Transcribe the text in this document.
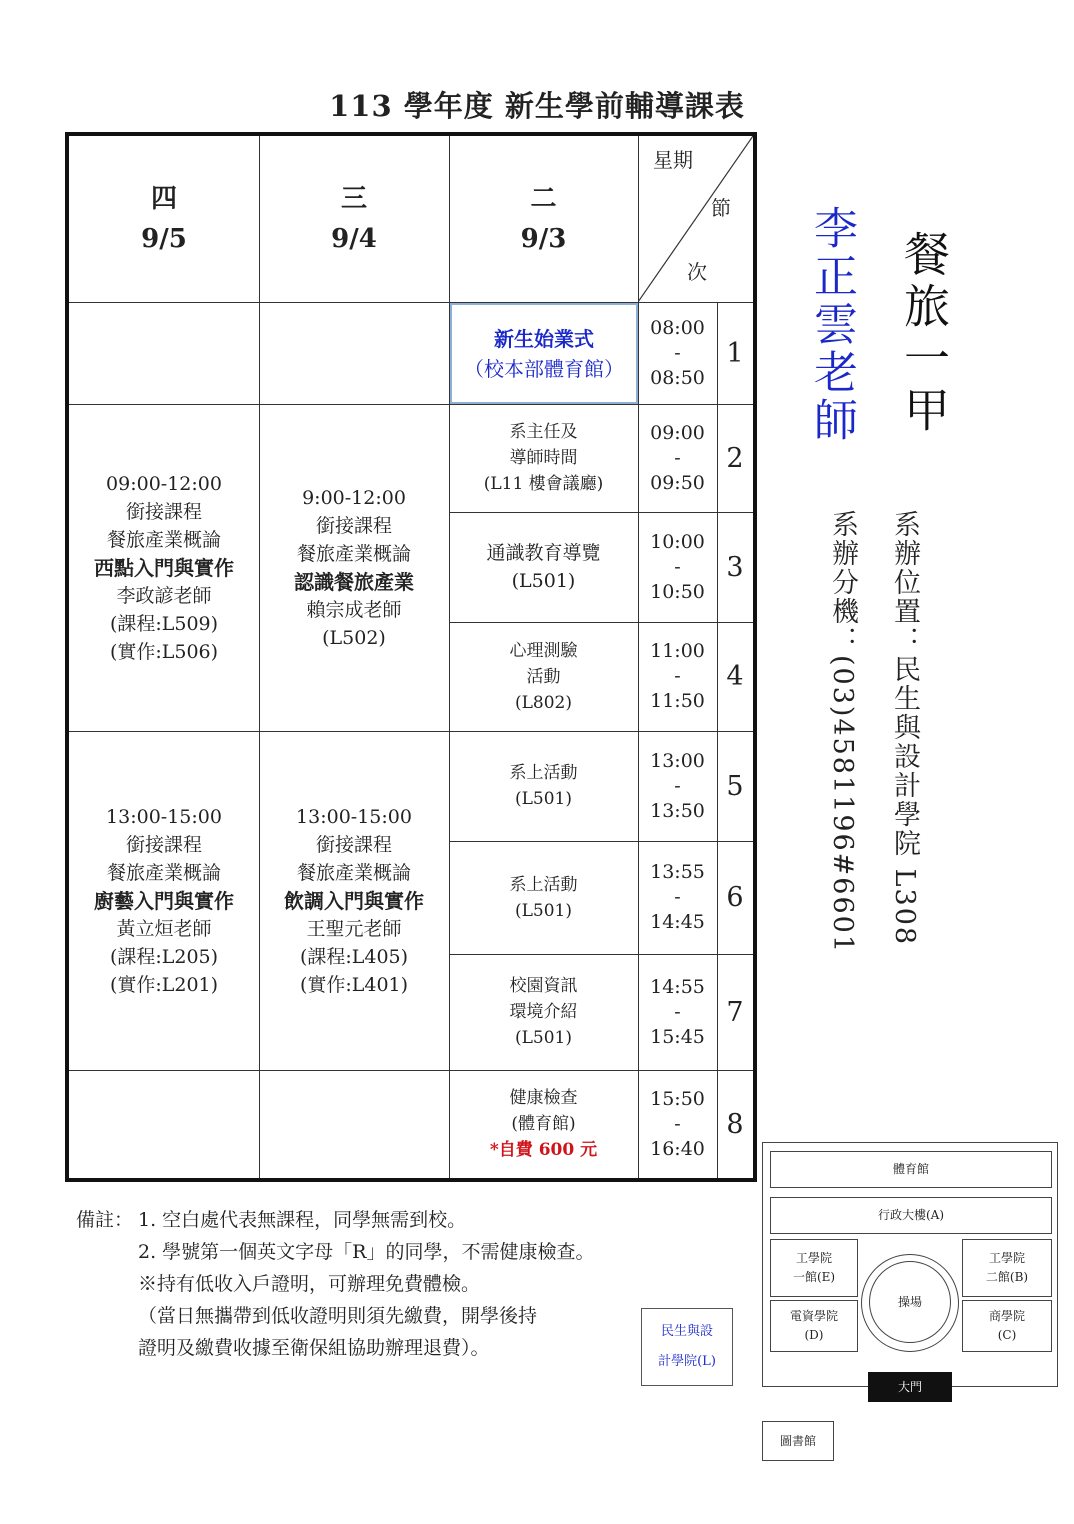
113 學年度 新生學前輔導課表
星期
節
次
四
9/5
三
9/4
二
9/3
08:00
-
08:50
1
09:00
-
09:50
2
10:00
-
10:50
3
11:00
-
11:50
4
13:00
-
13:50
5
13:55
-
14:45
6
14:55
-
15:45
7
15:50
-
16:40
8
新生始業式
（校本部體育館）
系主任及
導師時間
(L11 樓會議廳)
通識教育導覽
(L501)
心理測驗
活動
(L802)
系上活動
(L501)
系上活動
(L501)
校園資訊
環境介紹
(L501)
健康檢查
(體育館)
*自費 600 元
09:00-12:00
銜接課程
餐旅產業概論
西點入門與實作
李政諺老師
(課程:L509)
(實作:L506)
13:00-15:00
銜接課程
餐旅產業概論
廚藝入門與實作
黃立烜老師
(課程:L205)
(實作:L201)
9:00-12:00
銜接課程
餐旅產業概論
認識餐旅產業
賴宗成老師
(L502)
13:00-15:00
銜接課程
餐旅產業概論
飲調入門與實作
王聖元老師
(課程:L405)
(實作:L401)
餐旅一甲
李正雲老師
系辦位置：民生與設計學院 L308
系辦分機：(03)4581196#6601
備註： 1. 空白處代表無課程，同學無需到校。
2. 學號第一個英文字母「R」的同學，不需健康檢查。
※持有低收入戶證明，可辦理免費體檢。
（當日無攜帶到低收證明則須先繳費，開學後持
證明及繳費收據至衛保組協助辦理退費）。
民生與設
計學院(L)
體育館
行政大樓(A)
工學院
一館(E)
工學院
二館(B)
電資學院
(D)
商學院
(C)
操場
大門
圖書館
